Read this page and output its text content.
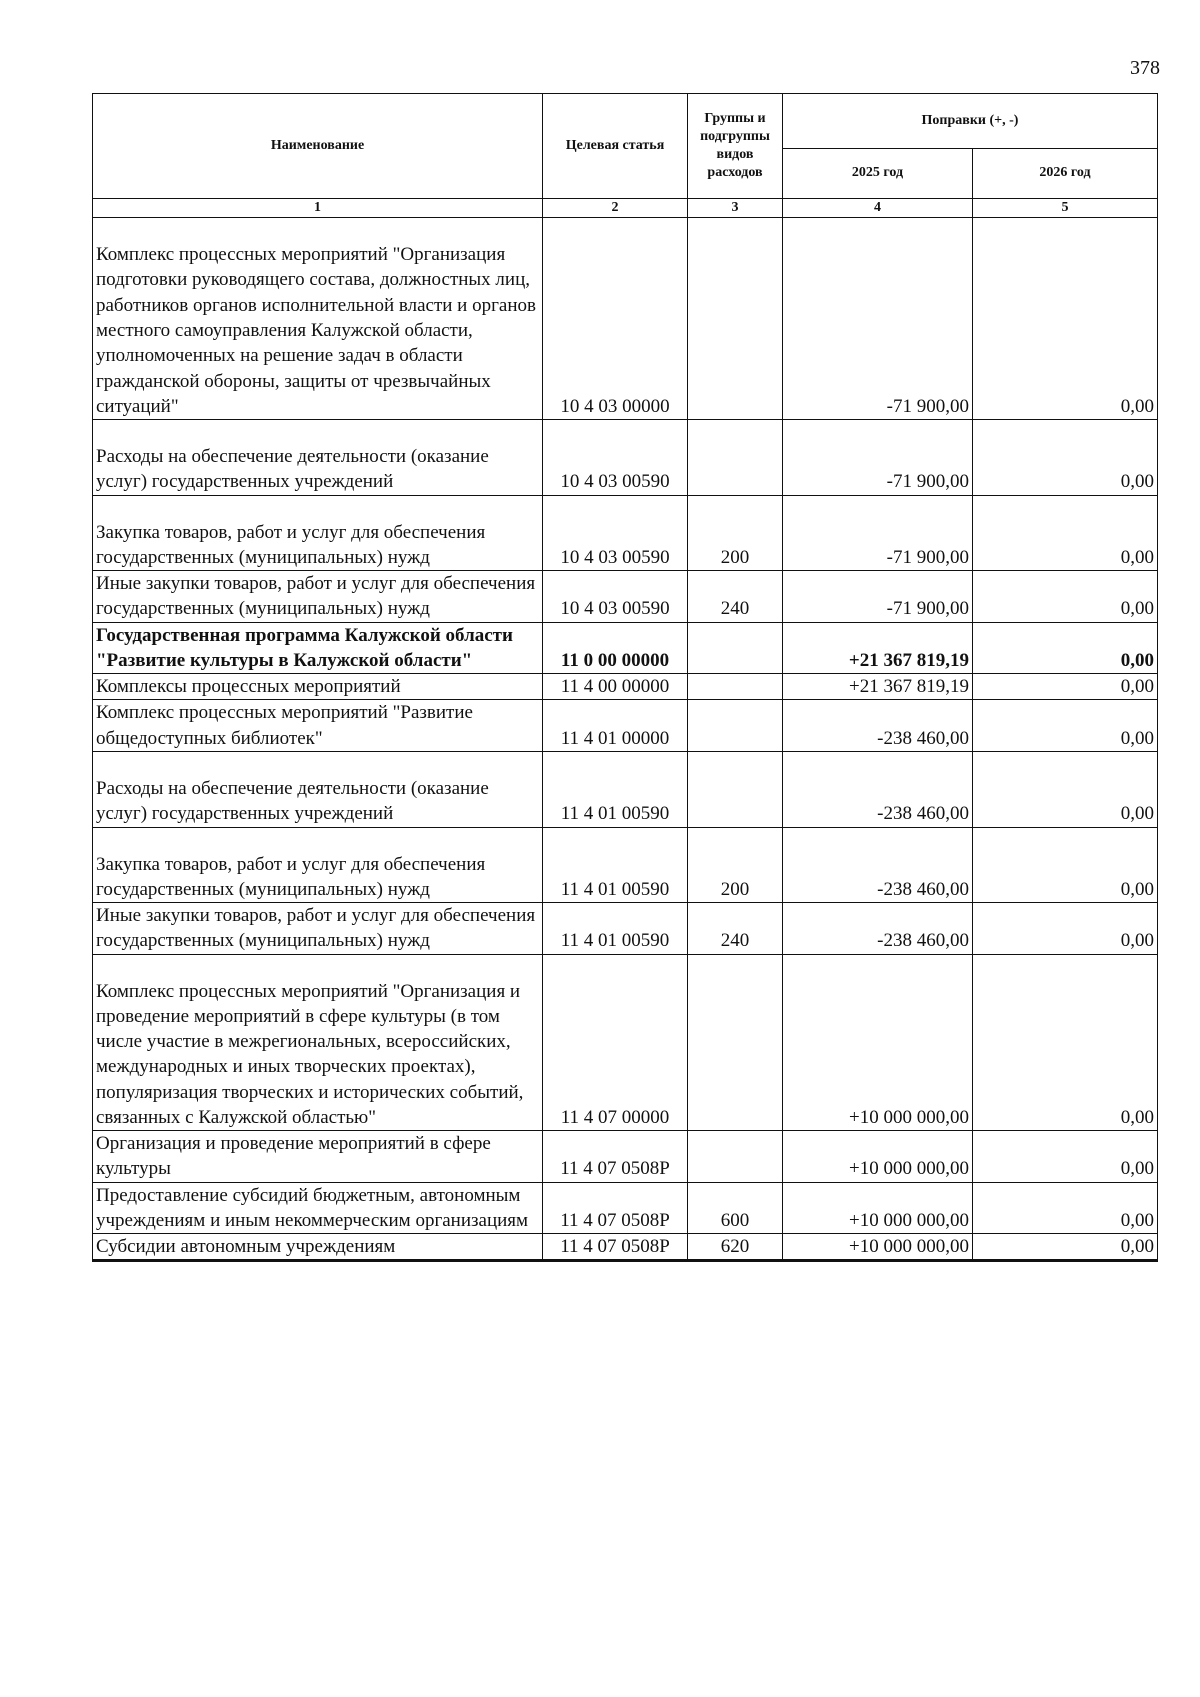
378
Наименование	Целевая статья	Группы и подгруппы видов расходов	Поправки (+, -)	
			2025 год	2026 год
1	2	3	4	5
Комплекс процессных мероприятий "Организация подготовки руководящего состава, должностных лиц, работников органов исполнительной власти и органов местного самоуправления Калужской области, уполномоченных на решение задач в области гражданской обороны, защиты от чрезвычайных ситуаций"	10 4 03 00000		-71 900,00	0,00
Расходы на обеспечение деятельности (оказание услуг) государственных учреждений	10 4 03 00590		-71 900,00	0,00
Закупка товаров, работ и услуг для обеспечения государственных (муниципальных) нужд	10 4 03 00590	200	-71 900,00	0,00
Иные закупки товаров, работ и услуг для обеспечения государственных (муниципальных) нужд	10 4 03 00590	240	-71 900,00	0,00
Государственная программа Калужской области "Развитие культуры в Калужской области"	11 0 00 00000		+21 367 819,19	0,00
Комплексы процессных мероприятий	11 4 00 00000		+21 367 819,19	0,00
Комплекс процессных мероприятий "Развитие общедоступных библиотек"	11 4 01 00000		-238 460,00	0,00
Расходы на обеспечение деятельности (оказание услуг) государственных учреждений	11 4 01 00590		-238 460,00	0,00
Закупка товаров, работ и услуг для обеспечения государственных (муниципальных) нужд	11 4 01 00590	200	-238 460,00	0,00
Иные закупки товаров, работ и услуг для обеспечения государственных (муниципальных) нужд	11 4 01 00590	240	-238 460,00	0,00
Комплекс процессных мероприятий "Организация и проведение мероприятий в сфере культуры (в том числе участие в межрегиональных, всероссийских, международных и иных творческих проектах), популяризация творческих и исторических событий, связанных с Калужской областью"	11 4 07 00000		+10 000 000,00	0,00
Организация и проведение мероприятий в сфере культуры	11 4 07 0508Р		+10 000 000,00	0,00
Предоставление субсидий бюджетным, автономным учреждениям и иным некоммерческим организациям	11 4 07 0508Р	600	+10 000 000,00	0,00
Субсидии автономным учреждениям	11 4 07 0508Р	620	+10 000 000,00	0,00
